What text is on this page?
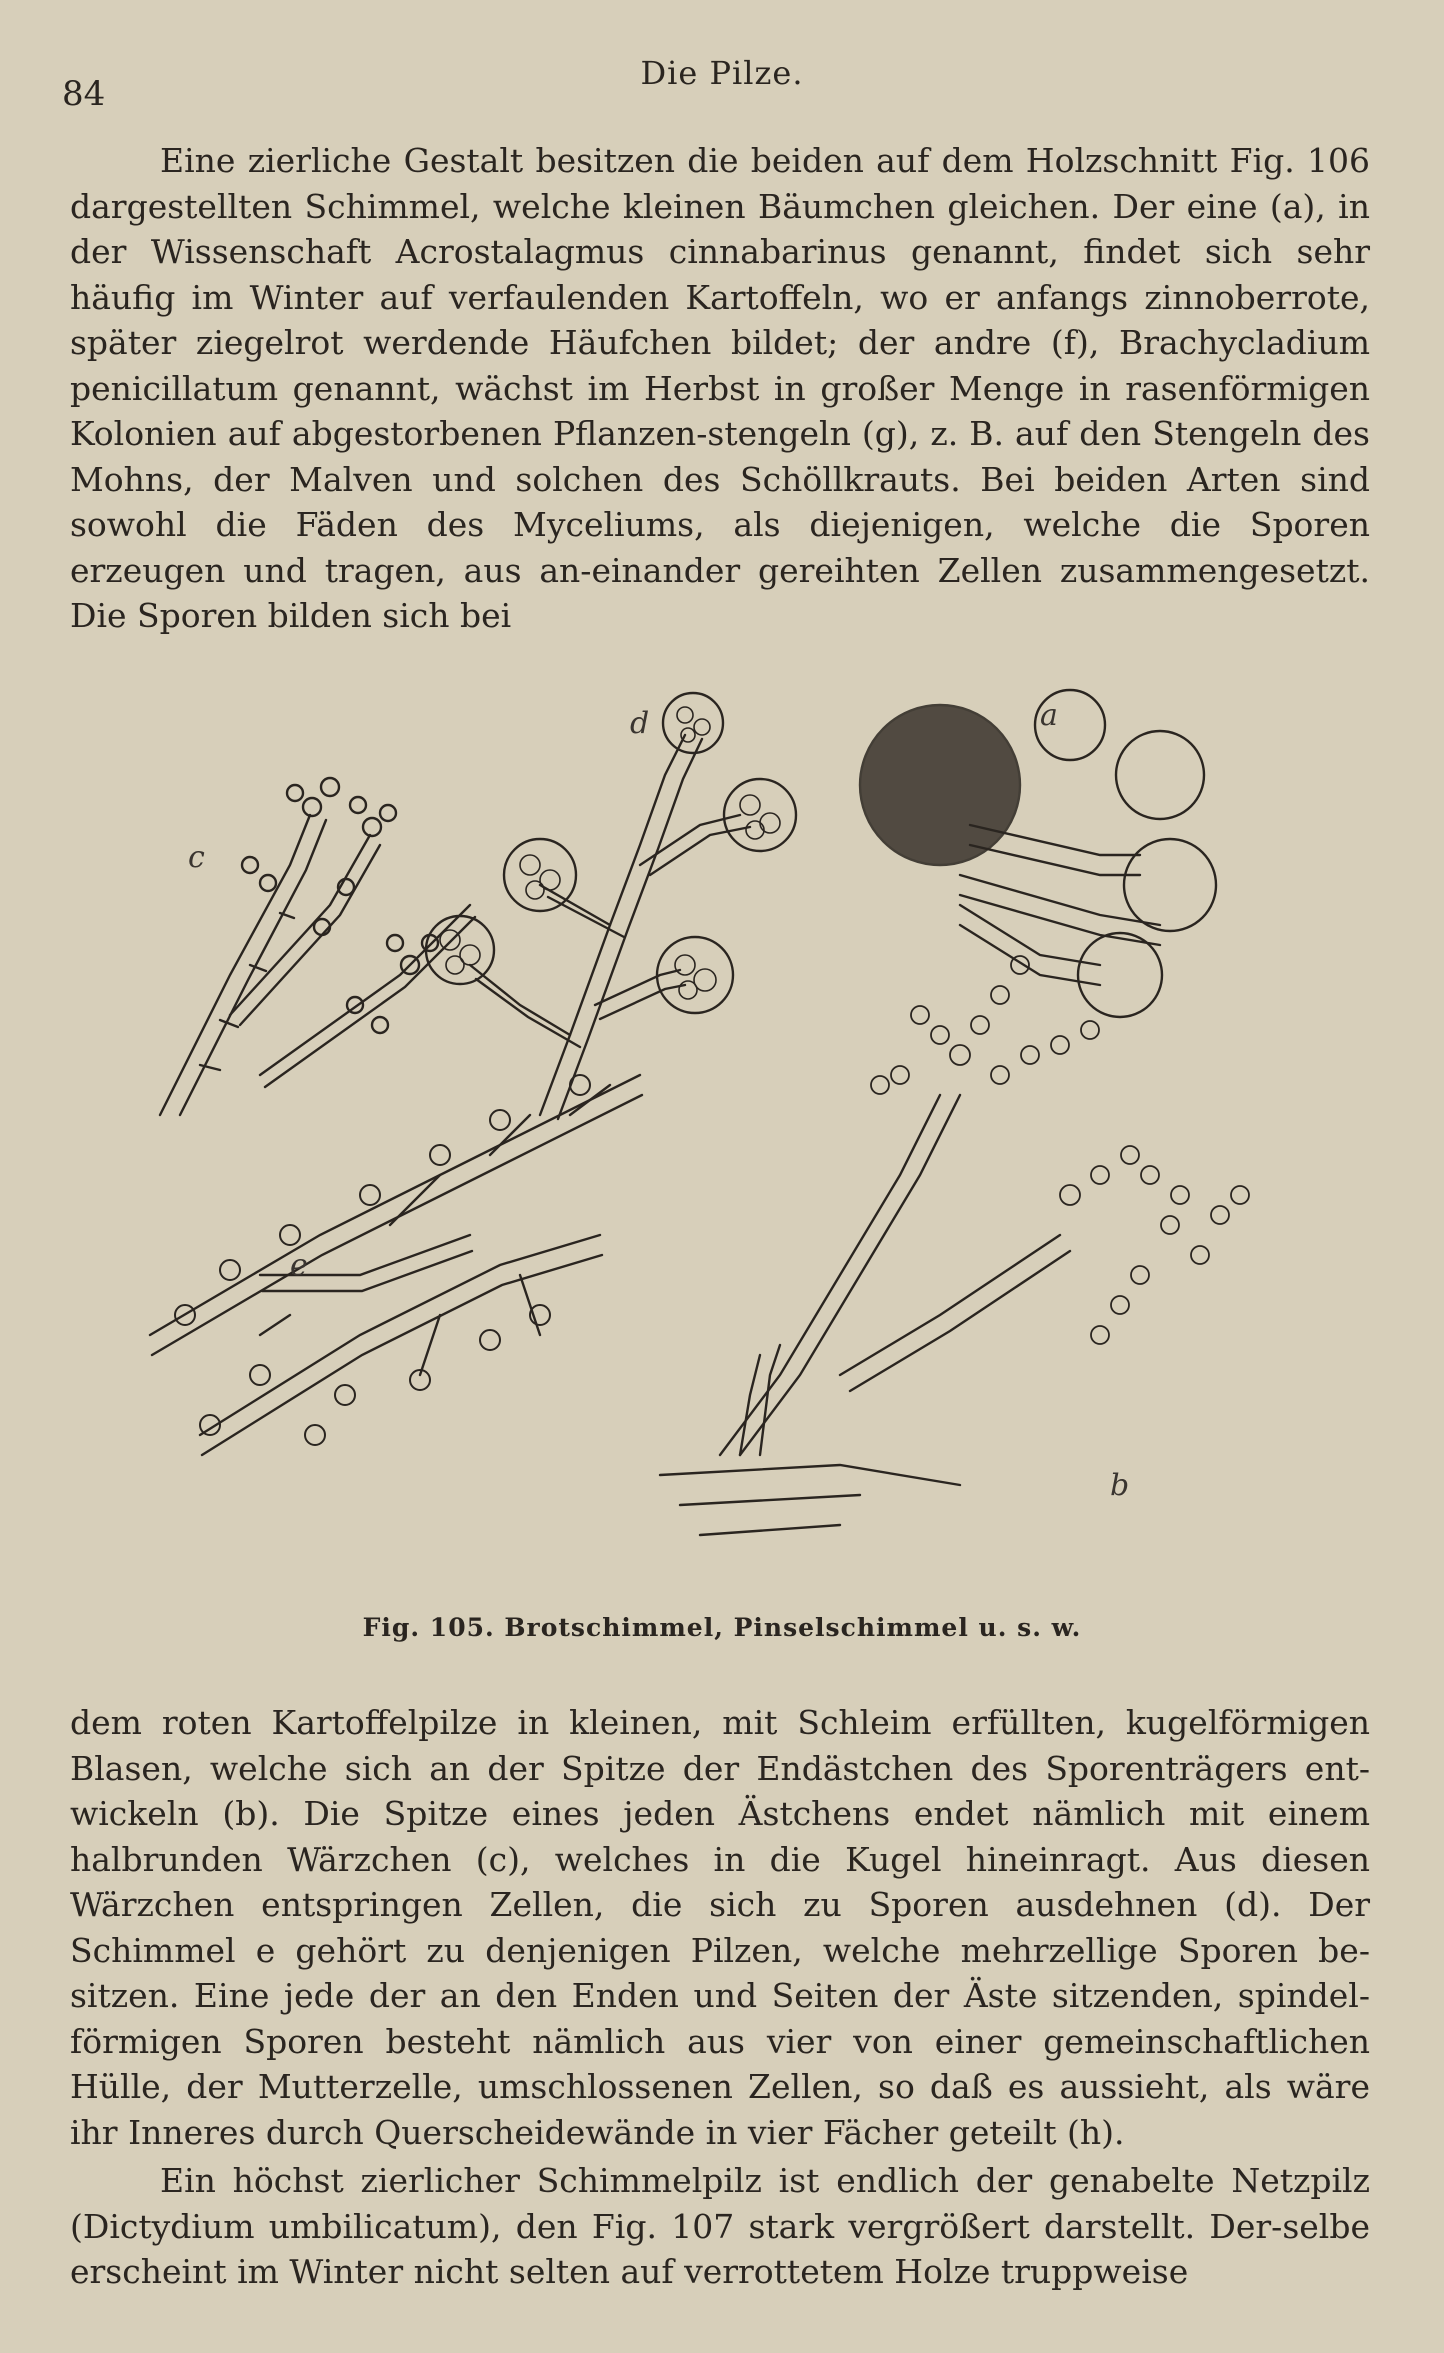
84
Die Pilze.

Eine zierliche Gestalt besitzen die beiden auf dem Holzschnitt Fig. 106 dargestellten Schimmel, welche kleinen Bäumchen gleichen. Der eine (a), in der Wissenschaft Acrostalagmus cinnabarinus genannt, findet sich sehr häufig im Winter auf verfaulenden Kartoffeln, wo er anfangs zinnoberrote, später ziegelrot werdende Häufchen bildet; der andre (f), Brachycladium penicillatum genannt, wächst im Herbst in großer Menge in rasenförmigen Kolonien auf abgestorbenen Pflanzen-stengeln (g), z. B. auf den Stengeln des Mohns, der Malven und solchen des Schöllkrauts. Bei beiden Arten sind sowohl die Fäden des Myceliums, als diejenigen, welche die Sporen erzeugen und tragen, aus an-einander gereihten Zellen zusammengesetzt. Die Sporen bilden sich bei

c
d	a
e
b
Fig. 105. Brotschimmel, Pinselschimmel u. s. w.

dem roten Kartoffelpilze in kleinen, mit Schleim erfüllten, kugelförmigen Blasen, welche sich an der Spitze der Endästchen des Sporenträgers ent-wickeln (b). Die Spitze eines jeden Ästchens endet nämlich mit einem halbrunden Wärzchen (c), welches in die Kugel hineinragt. Aus diesen Wärzchen entspringen Zellen, die sich zu Sporen ausdehnen (d). Der Schimmel e gehört zu denjenigen Pilzen, welche mehrzellige Sporen be-sitzen. Eine jede der an den Enden und Seiten der Äste sitzenden, spindel-förmigen Sporen besteht nämlich aus vier von einer gemeinschaftlichen Hülle, der Mutterzelle, umschlossenen Zellen, so daß es aussieht, als wäre ihr Inneres durch Querscheidewände in vier Fächer geteilt (h).

Ein höchst zierlicher Schimmelpilz ist endlich der genabelte Netzpilz (Dictydium umbilicatum), den Fig. 107 stark vergrößert darstellt. Der-selbe erscheint im Winter nicht selten auf verrottetem Holze truppweise
